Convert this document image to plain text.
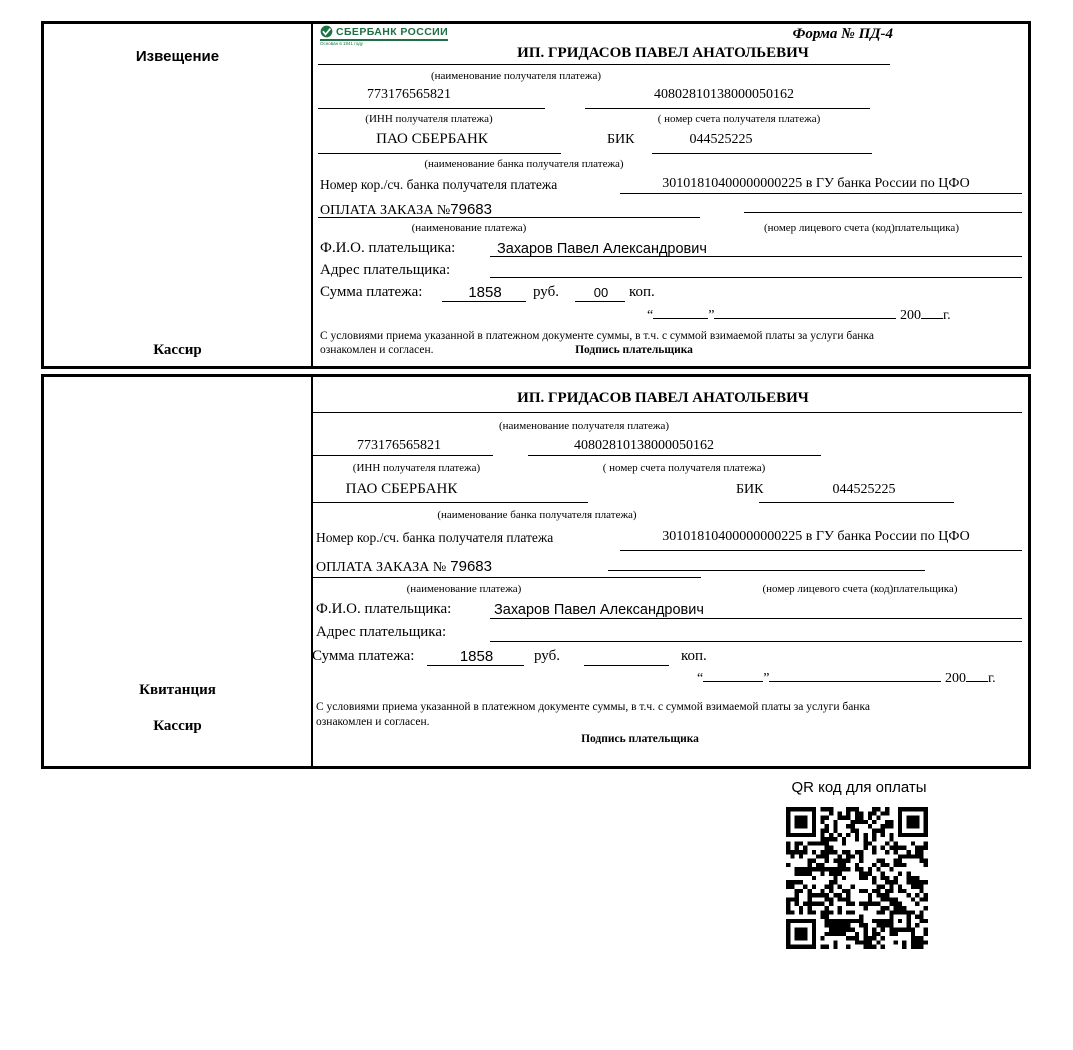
Извещение
Кассир
СБЕРБАНК РОССИИ
Основан в 1841 году
Форма № ПД-4
ИП. ГРИДАСОВ ПАВЕЛ АНАТОЛЬЕВИЧ
(наименование получателя платежа)
773176565821	40802810138000050162
(ИНН получателя платежа)	( номер счета получателя платежа)
ПАО СБЕРБАНК	БИК	044525225
(наименование банка получателя платежа)
Номер кор./сч. банка получателя платежа	30101810400000000225 в ГУ банка России по ЦФО
ОПЛАТА ЗАКАЗА №79683
(наименование платежа)	(номер лицевого счета (код)плательщика)
Ф.И.О. плательщика:	Захаров Павел Александрович
Адрес плательщика:
Сумма платежа:	1858	руб.	00	коп.
“	”	200 г.
С условиями приема указанной в платежном документе суммы, в т.ч. с суммой взимаемой платы за услуги банка
ознакомлен и согласен.	Подпись плательщика
Квитанция
Кассир
ИП. ГРИДАСОВ ПАВЕЛ АНАТОЛЬЕВИЧ
(наименование получателя платежа)
773176565821	40802810138000050162
(ИНН получателя платежа)	( номер счета получателя платежа)
ПАО СБЕРБАНК	БИК	044525225
(наименование банка получателя платежа)
Номер кор./сч. банка получателя платежа	30101810400000000225 в ГУ банка России по ЦФО
ОПЛАТА ЗАКАЗА № 79683
(наименование платежа)	(номер лицевого счета (код)плательщика)
Ф.И.О. плательщика:	Захаров Павел Александрович
Адрес плательщика:
Сумма платежа:	1858	руб.	коп.
“	”	200 г.
С условиями приема указанной в платежном документе суммы, в т.ч. с суммой взимаемой платы за услуги банка
ознакомлен и согласен.
Подпись плательщика
QR код для оплаты
